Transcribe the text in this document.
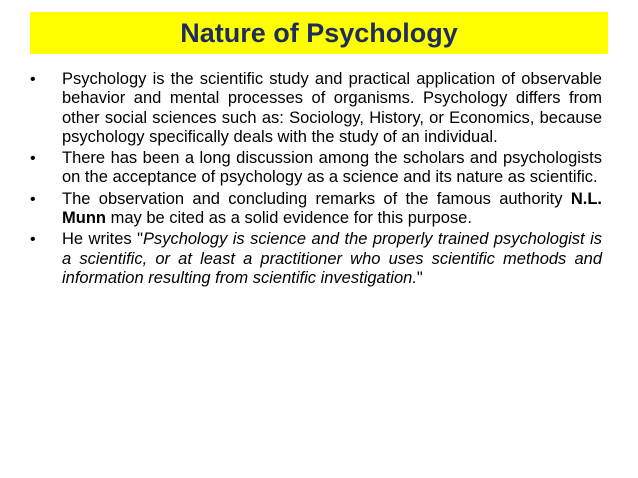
Nature of Psychology
•	Psychology is the scientific study and practical application of observable behavior and mental processes of organisms. Psychology differs from other social sciences such as: Sociology, History, or Economics, because psychology specifically deals with the study of an individual.
•	There has been a long discussion among the scholars and psychologists on the acceptance of psychology as a science and its nature as scientific.
•	The observation and concluding remarks of the famous authority N.L. Munn may be cited as a solid evidence for this purpose.
•	He writes "Psychology is science and the properly trained psychologist is a scientific, or at least a practitioner who uses scientific methods and information resulting from scientific investigation."
